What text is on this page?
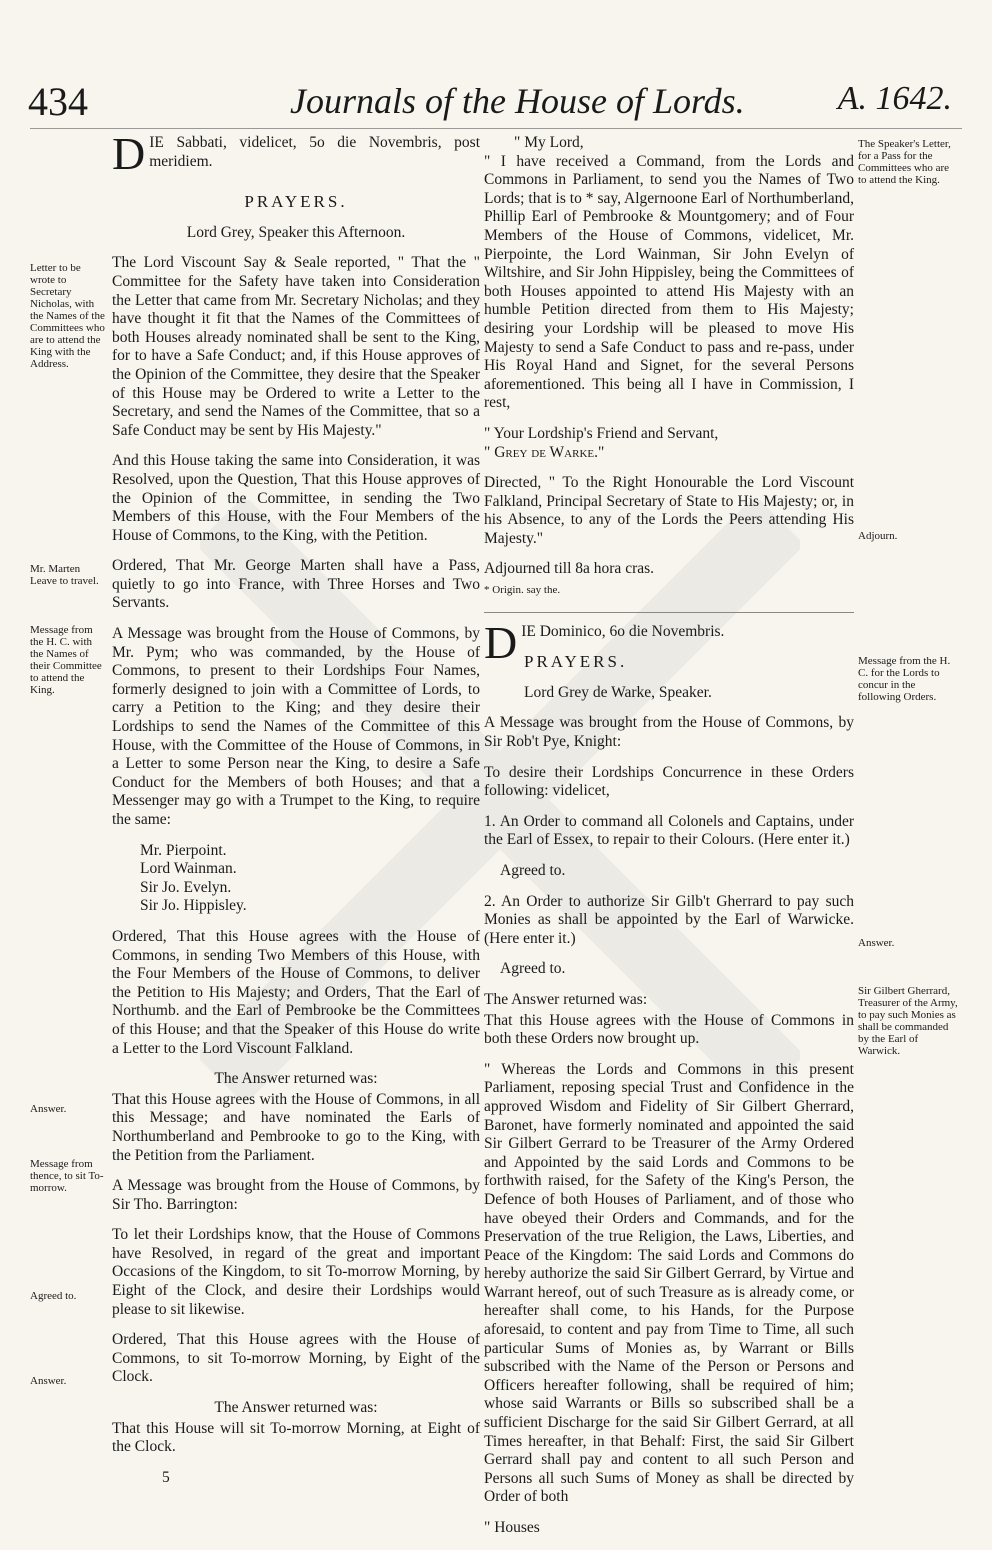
434	Journals of the House of Lords.	A. 1642.
Letter to be wrote to Secretary Nicholas, with the Names of the Committees who are to attend the King with the Address.
Mr. Marten Leave to travel.
Message from the H. C. with the Names of their Committee to attend the King.
Answer.
Message from thence, to sit To-morrow.
Agreed to.
Answer.
The Speaker's Letter, for a Pass for the Committees who are to attend the King.
Adjourn.
Message from the H. C. for the Lords to concur in the following Orders.
Answer.
Sir Gilbert Gherrard, Treasurer of the Army, to pay such Monies as shall be commanded by the Earl of Warwick.

DIE Sabbati, videlicet, 5o die Novembris, post meridiem.

PRAYERS.

Lord Grey, Speaker this Afternoon.

The Lord Viscount Say & Seale reported, " That the " Committee for the Safety have taken into Consideration the Letter that came from Mr. Secretary Nicholas; and they have thought it fit that the Names of the Committees of both Houses already nominated shall be sent to the King, for to have a Safe Conduct; and, if this House approves of the Opinion of the Committee, they desire that the Speaker of this House may be Ordered to write a Letter to the Secretary, and send the Names of the Committee, that so a Safe Conduct may be sent by His Majesty."

And this House taking the same into Consideration, it was Resolved, upon the Question, That this House approves of the Opinion of the Committee, in sending the Two Members of this House, with the Four Members of the House of Commons, to the King, with the Petition.

Ordered, That Mr. George Marten shall have a Pass, quietly to go into France, with Three Horses and Two Servants.

A Message was brought from the House of Commons, by Mr. Pym; who was commanded, by the House of Commons, to present to their Lordships Four Names, formerly designed to join with a Committee of Lords, to carry a Petition to the King; and they desire their Lordships to send the Names of the Committee of this House, with the Committee of the House of Commons, in a Letter to some Person near the King, to desire a Safe Conduct for the Members of both Houses; and that a Messenger may go with a Trumpet to the King, to require the same:

Mr. Pierpoint.
Lord Wainman.
Sir Jo. Evelyn.
Sir Jo. Hippisley.

Ordered, That this House agrees with the House of Commons, in sending Two Members of this House, with the Four Members of the House of Commons, to deliver the Petition to His Majesty; and Orders, That the Earl of Northumb. and the Earl of Pembrooke be the Committees of this House; and that the Speaker of this House do write a Letter to the Lord Viscount Falkland.

The Answer returned was:

That this House agrees with the House of Commons, in all this Message; and have nominated the Earls of Northumberland and Pembrooke to go to the King, with the Petition from the Parliament.

A Message was brought from the House of Commons, by Sir Tho. Barrington:

To let their Lordships know, that the House of Commons have Resolved, in regard of the great and important Occasions of the Kingdom, to sit To-morrow Morning, by Eight of the Clock, and desire their Lordships would please to sit likewise.

Ordered, That this House agrees with the House of Commons, to sit To-morrow Morning, by Eight of the Clock.

The Answer returned was:

That this House will sit To-morrow Morning, at Eight of the Clock.

5

" My Lord,

" I have received a Command, from the Lords and Commons in Parliament, to send you the Names of Two Lords; that is to * say, Algernoone Earl of Northumberland, Phillip Earl of Pembrooke & Mountgomery; and of Four Members of the House of Commons, videlicet, Mr. Pierpointe, the Lord Wainman, Sir John Evelyn of Wiltshire, and Sir John Hippisley, being the Committees of both Houses appointed to attend His Majesty with an humble Petition directed from them to His Majesty; desiring your Lordship will be pleased to move His Majesty to send a Safe Conduct to pass and re-pass, under His Royal Hand and Signet, for the several Persons aforementioned. This being all I have in Commission, I rest,

" Your Lordship's Friend and Servant,

" Grey de Warke."

Directed, " To the Right Honourable the Lord Viscount Falkland, Principal Secretary of State to His Majesty; or, in his Absence, to any of the Lords the Peers attending His Majesty."

Adjourned till 8a hora cras.

* Origin. say the.

DIE Dominico, 6o die Novembris.

PRAYERS.

Lord Grey de Warke, Speaker.

A Message was brought from the House of Commons, by Sir Rob't Pye, Knight:

To desire their Lordships Concurrence in these Orders following: videlicet,

1. An Order to command all Colonels and Captains, under the Earl of Essex, to repair to their Colours. (Here enter it.)

Agreed to.

2. An Order to authorize Sir Gilb't Gherrard to pay such Monies as shall be appointed by the Earl of Warwicke. (Here enter it.)

Agreed to.

The Answer returned was:

That this House agrees with the House of Commons in both these Orders now brought up.

" Whereas the Lords and Commons in this present Parliament, reposing special Trust and Confidence in the approved Wisdom and Fidelity of Sir Gilbert Gherrard, Baronet, have formerly nominated and appointed the said Sir Gilbert Gerrard to be Treasurer of the Army Ordered and Appointed by the said Lords and Commons to be forthwith raised, for the Safety of the King's Person, the Defence of both Houses of Parliament, and of those who have obeyed their Orders and Commands, and for the Preservation of the true Religion, the Laws, Liberties, and Peace of the Kingdom: The said Lords and Commons do hereby authorize the said Sir Gilbert Gerrard, by Virtue and Warrant hereof, out of such Treasure as is already come, or hereafter shall come, to his Hands, for the Purpose aforesaid, to content and pay from Time to Time, all such particular Sums of Monies as, by Warrant or Bills subscribed with the Name of the Person or Persons and Officers hereafter following, shall be required of him; whose said Warrants or Bills so subscribed shall be a sufficient Discharge for the said Sir Gilbert Gerrard, at all Times hereafter, in that Behalf: First, the said Sir Gilbert Gerrard shall pay and content to all such Person and Persons all such Sums of Money as shall be directed by Order of both

" Houses
